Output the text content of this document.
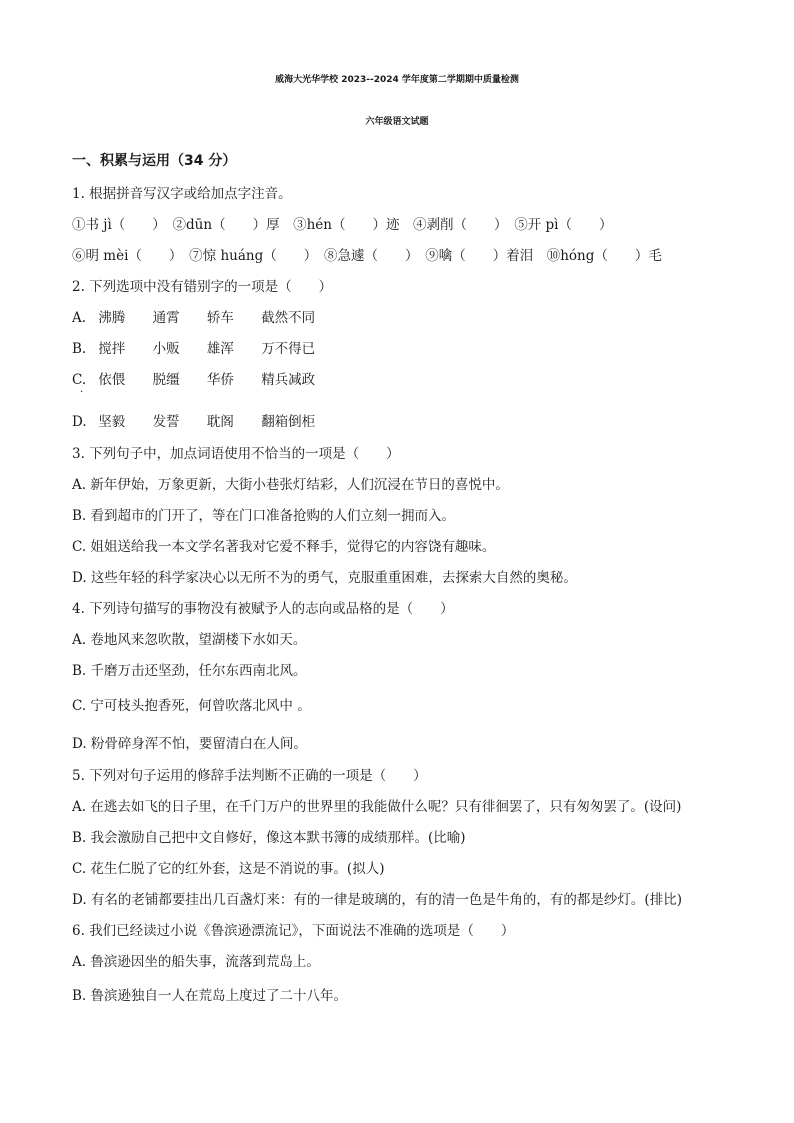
威海大光华学校 2023--2024 学年度第二学期期中质量检测
六年级语文试题
一、积累与运用（34 分）
1. 根据拼音写汉字或给加点字注音。
①书 jì（　　）　②dūn（　　）厚　③hén（　　）迹　④剥削（　　）　⑤开 pì（　　）
⑥明 mèi（　　）　⑦惊 huáng（　　）　⑧急遽（　　）　⑨噙（　　）着泪　⑩hóng（　　）毛
2. 下列选项中没有错别字的一项是（　　）
A. 沸腾 通霄 轿车 截然不同
B. 搅拌 小贩 雄浑 万不得已
C. 依偎 脱缰 华侨 精兵减政
·
D. 坚毅 发誓 耽阁 翻箱倒柜
3. 下列句子中，加点词语使用不恰当的一项是（　　）
A. 新年伊始，万象更新，大街小巷张灯结彩，人们沉浸在节日的喜悦中。
B. 看到超市的门开了，等在门口准备抢购的人们立刻一拥而入。
C. 姐姐送给我一本文学名著我对它爱不释手，觉得它的内容饶有趣味。
D. 这些年轻的科学家决心以无所不为的勇气，克服重重困难，去探索大自然的奥秘。
4. 下列诗句描写的事物没有被赋予人的志向或品格的是（　　）
A. 卷地风来忽吹散，望湖楼下水如天。
B. 千磨万击还坚劲，任尔东西南北风。
C. 宁可枝头抱香死，何曾吹落北风中 。
D. 粉骨碎身浑不怕，要留清白在人间。
5. 下列对句子运用的修辞手法判断不正确的一项是（　　）
A. 在逃去如飞的日子里，在千门万户的世界里的我能做什么呢？只有徘徊罢了，只有匆匆罢了。(设问)
B. 我会激励自己把中文自修好，像这本默书簿的成绩那样。(比喻)
C. 花生仁脱了它的红外套，这是不消说的事。(拟人)
D. 有名的老铺都要挂出几百盏灯来：有的一律是玻璃的，有的清一色是牛角的，有的都是纱灯。(排比)
6. 我们已经读过小说《鲁滨逊漂流记》，下面说法不准确的选项是（　　）
A. 鲁滨逊因坐的船失事，流落到荒岛上。
B. 鲁滨逊独自一人在荒岛上度过了二十八年。
